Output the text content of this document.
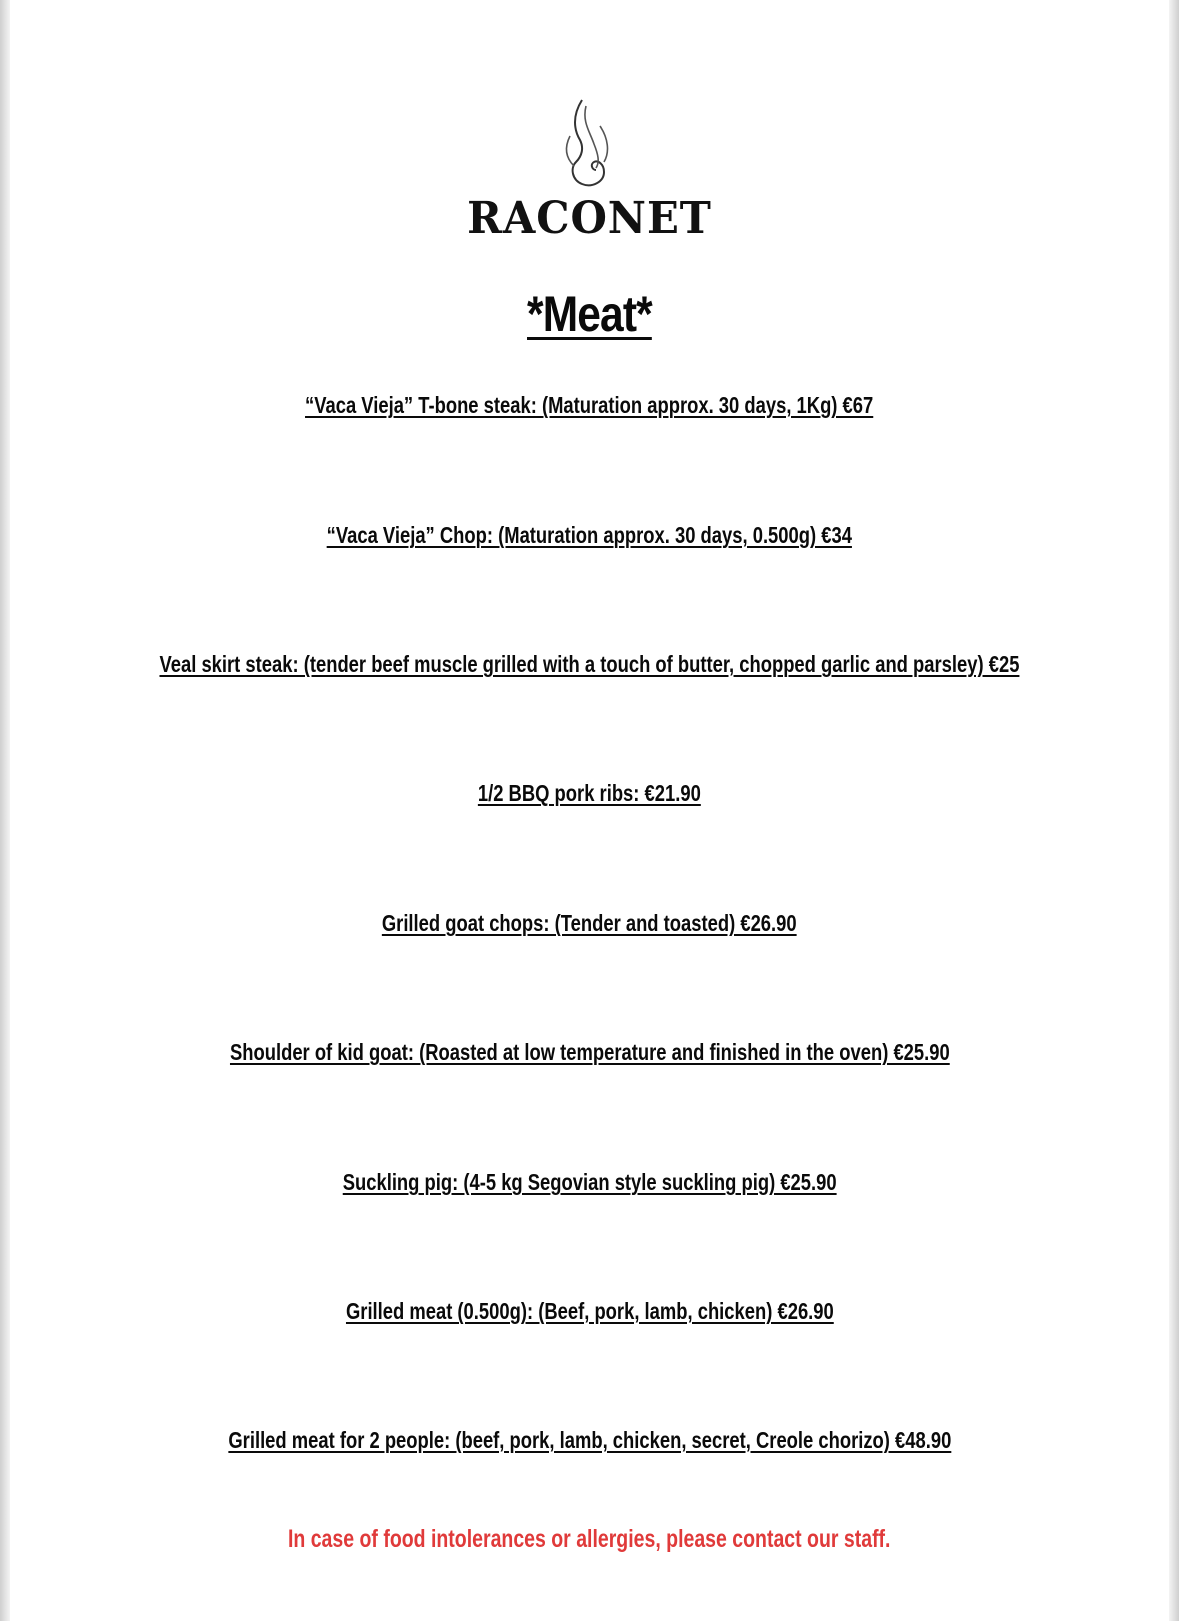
RACONET
*Meat*
“Vaca Vieja” T-bone steak: (Maturation approx. 30 days, 1Kg) €67
“Vaca Vieja” Chop: (Maturation approx. 30 days, 0.500g) €34
Veal skirt steak: (tender beef muscle grilled with a touch of butter, chopped garlic and parsley) €25
1/2 BBQ pork ribs: €21.90
Grilled goat chops: (Tender and toasted) €26.90
Shoulder of kid goat: (Roasted at low temperature and finished in the oven) €25.90
Suckling pig: (4-5 kg Segovian style suckling pig) €25.90
Grilled meat (0.500g): (Beef, pork, lamb, chicken) €26.90
Grilled meat for 2 people: (beef, pork, lamb, chicken, secret, Creole chorizo) €48.90
In case of food intolerances or allergies, please contact our staff.
